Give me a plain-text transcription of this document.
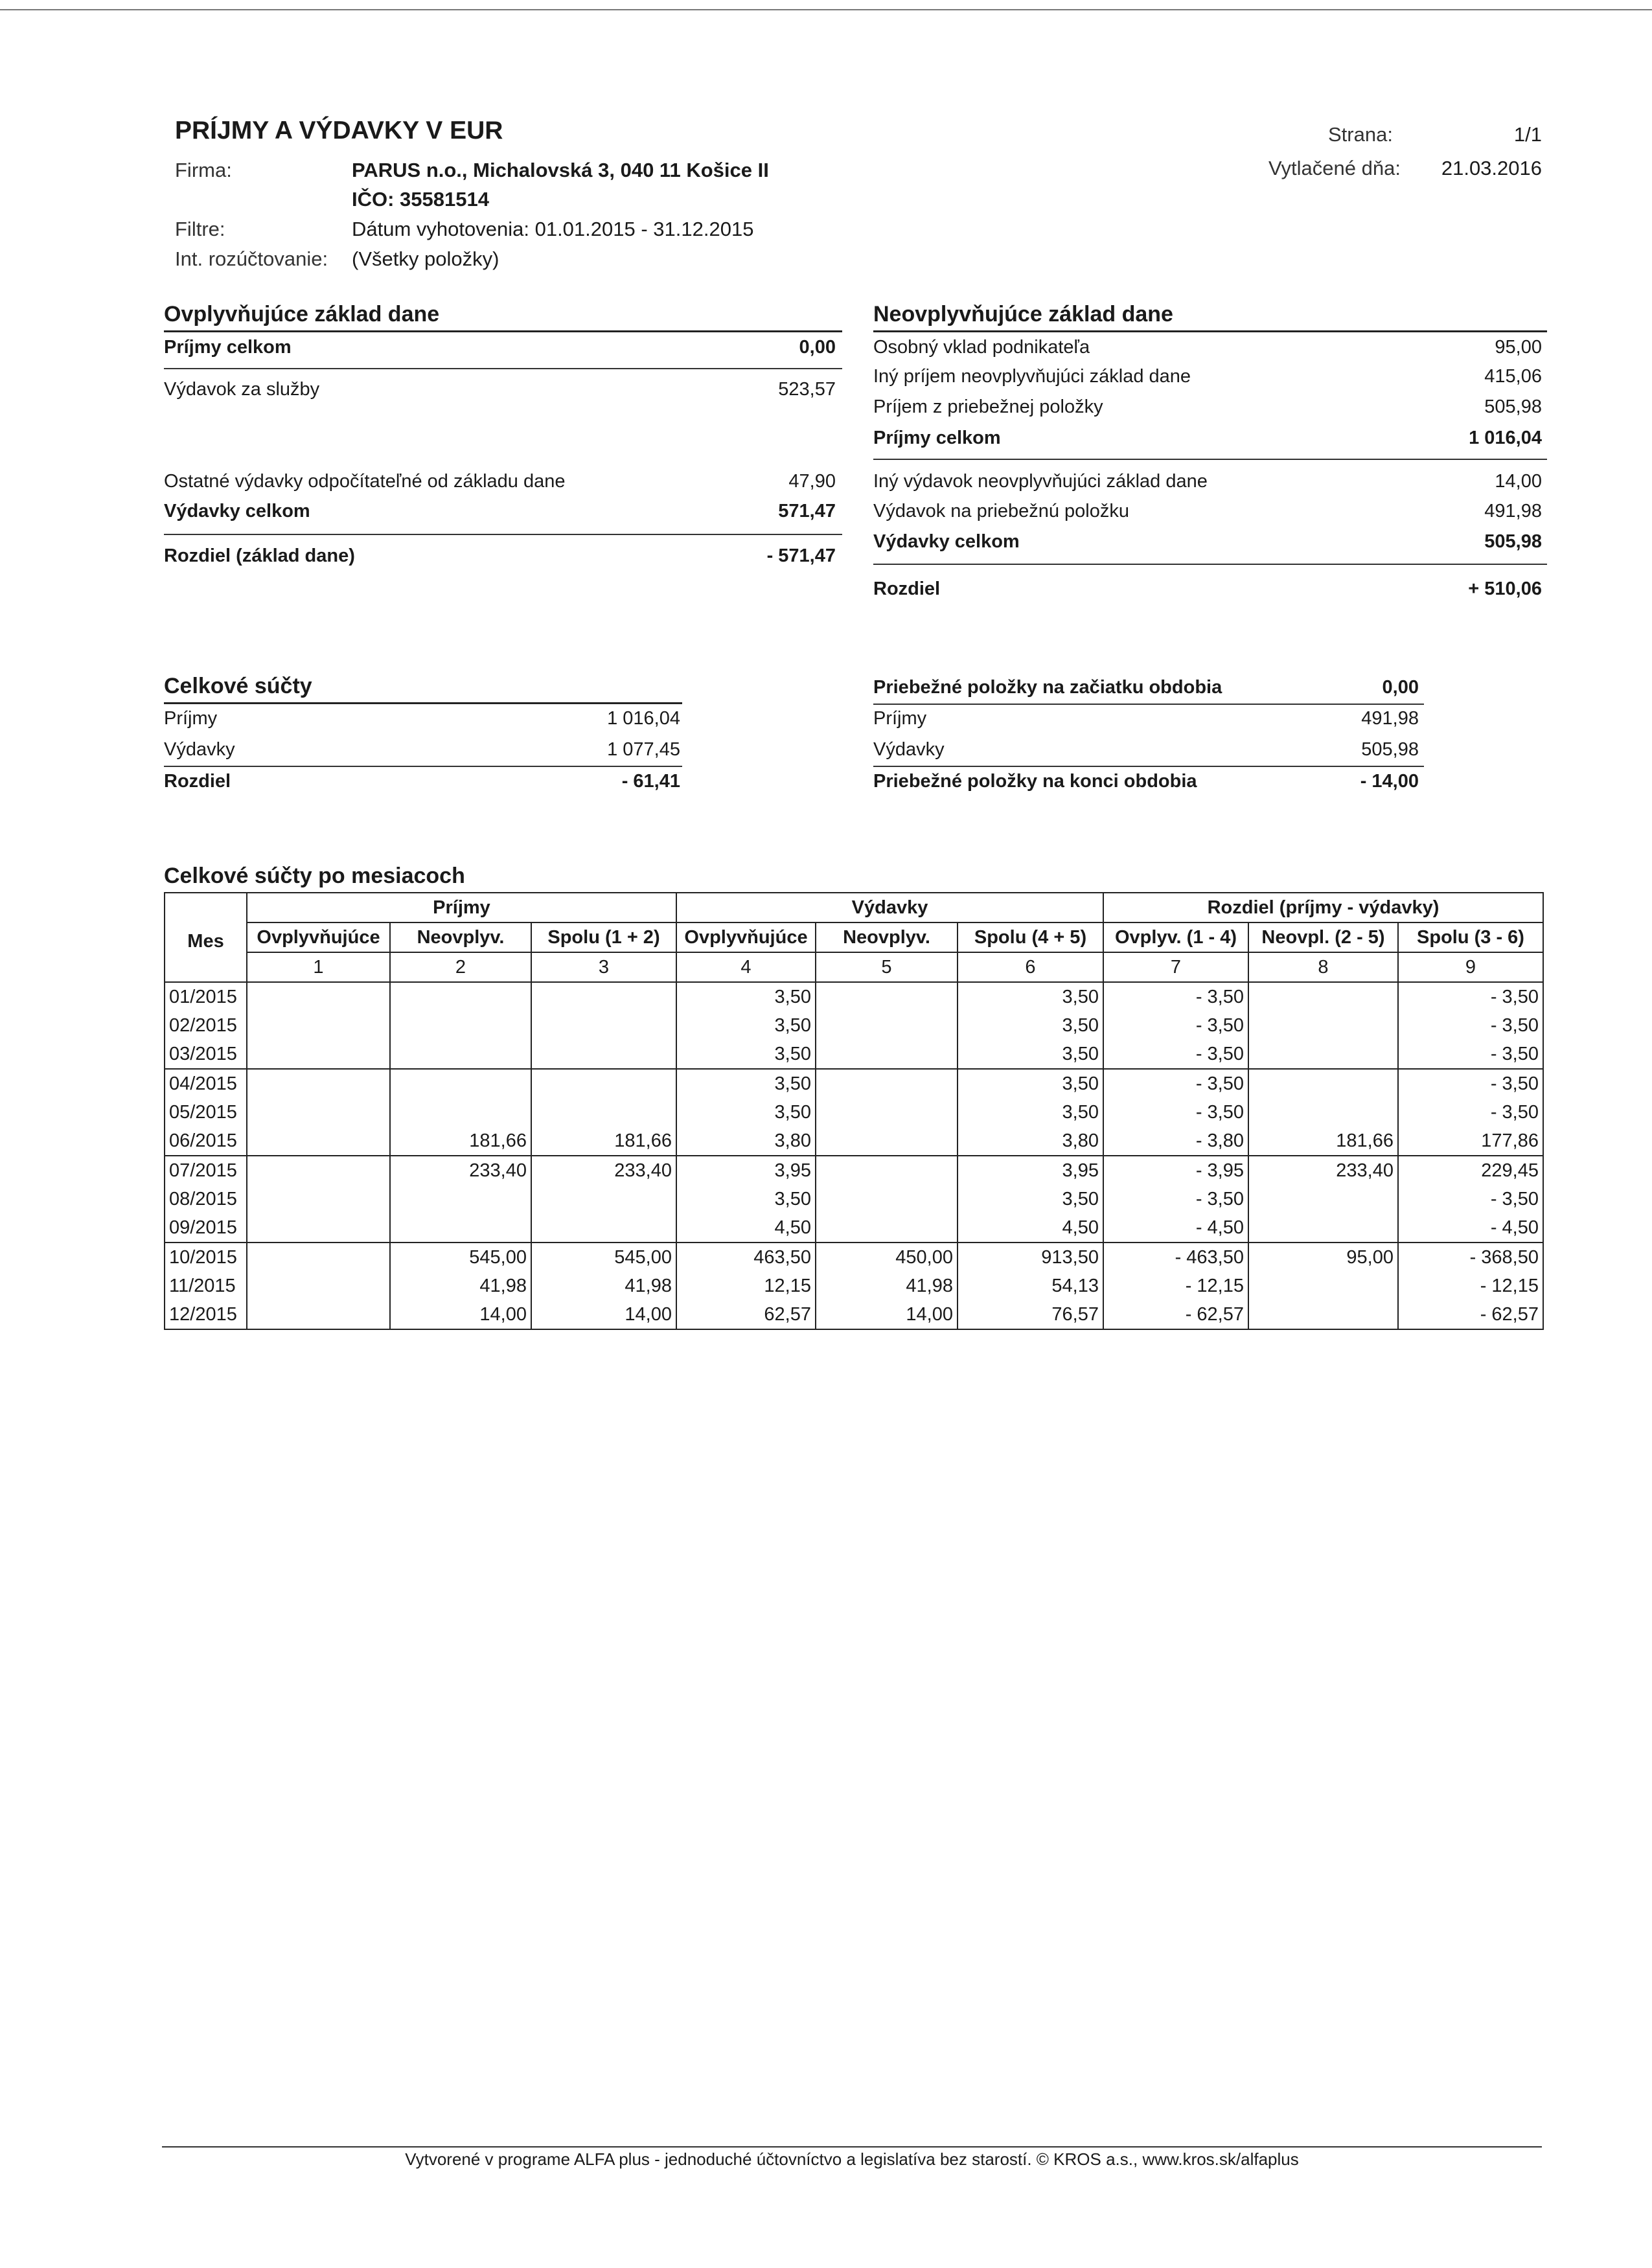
PRÍJMY A VÝDAVKY V EUR
Firma:	PARUS n.o., Michalovská 3, 040 11 Košice II
IČO: 35581514
Filtre:	Dátum vyhotovenia: 01.01.2015 - 31.12.2015
Int. rozúčtovanie: (Všetky položky)
Strana:	1/1
Vytlačené dňa:	21.03.2016
Ovplyvňujúce základ dane
Príjmy celkom	0,00
Výdavok za služby	523,57
Ostatné výdavky odpočítateľné od základu dane	47,90
Výdavky celkom	571,47
Rozdiel (základ dane)	- 571,47
Neovplyvňujúce základ dane
Osobný vklad podnikateľa	95,00
Iný príjem neovplyvňujúci základ dane	415,06
Príjem z priebežnej položky	505,98
Príjmy celkom	1 016,04
Iný výdavok neovplyvňujúci základ dane	14,00
Výdavok na priebežnú položku	491,98
Výdavky celkom	505,98
Rozdiel	+ 510,06
Celkové súčty
Príjmy	1 016,04
Výdavky	1 077,45
Rozdiel	- 61,41
Priebežné položky na začiatku obdobia	0,00
Príjmy	491,98
Výdavky	505,98
Priebežné položky na konci obdobia	- 14,00
Celkové súčty po mesiacoch
Mes	Príjmy			Výdavky			Rozdiel (príjmy - výdavky)		
	Ovplyvňujúce	Neovplyv.	Spolu (1 + 2)	Ovplyvňujúce	Neovplyv.	Spolu (4 + 5)	Ovplyv. (1 - 4)	Neovpl. (2 - 5)	Spolu (3 - 6)
	1	2	3	4	5	6	7	8	9
01/2015				3,50		3,50	- 3,50		- 3,50
02/2015				3,50		3,50	- 3,50		- 3,50
03/2015				3,50		3,50	- 3,50		- 3,50
04/2015				3,50		3,50	- 3,50		- 3,50
05/2015				3,50		3,50	- 3,50		- 3,50
06/2015		181,66	181,66	3,80		3,80	- 3,80	181,66	177,86
07/2015		233,40	233,40	3,95		3,95	- 3,95	233,40	229,45
08/2015				3,50		3,50	- 3,50		- 3,50
09/2015				4,50		4,50	- 4,50		- 4,50
10/2015		545,00	545,00	463,50	450,00	913,50	- 463,50	95,00	- 368,50
11/2015		41,98	41,98	12,15	41,98	54,13	- 12,15		- 12,15
12/2015		14,00	14,00	62,57	14,00	76,57	- 62,57		- 62,57
Vytvorené v programe ALFA plus - jednoduché účtovníctvo a legislatíva bez starostí. © KROS a.s., www.kros.sk/alfaplus
